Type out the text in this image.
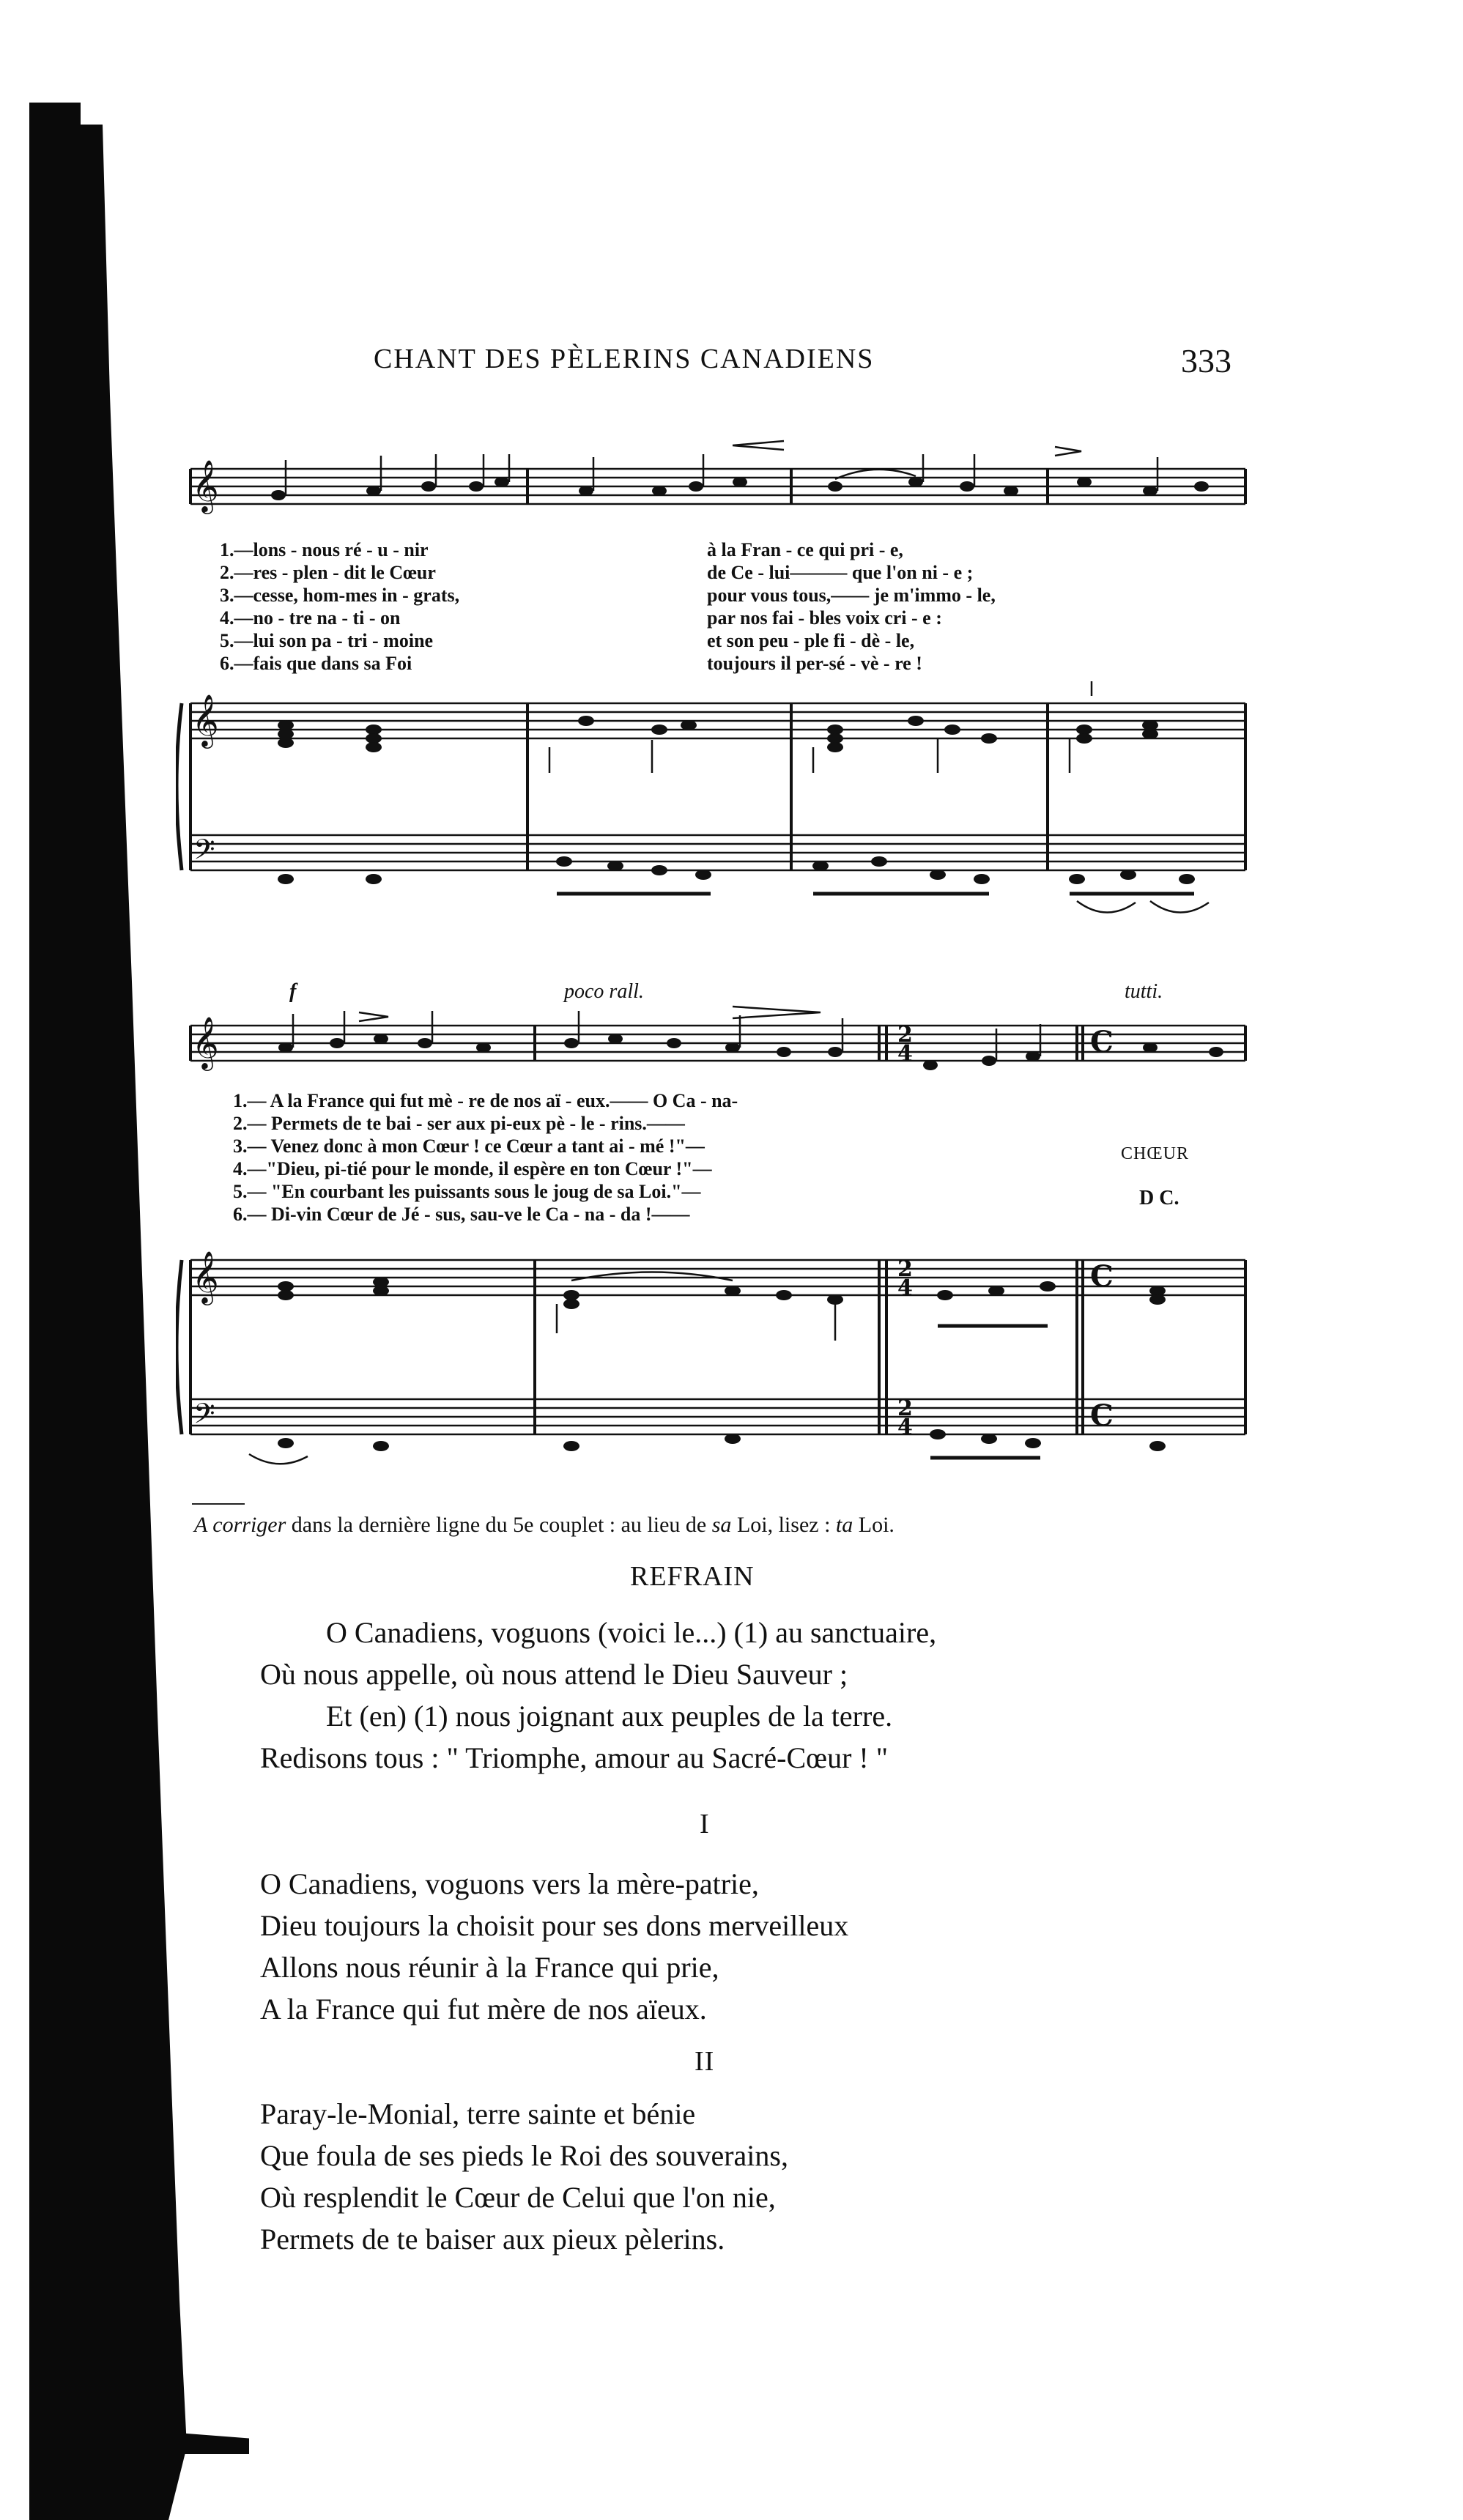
CHANT DES PÈLERINS CANADIENS	333
𝄞
𝄞
𝄢
1.—lons - nous ré - u - nir
2.—res - plen - dit le Cœur
3.—cesse, hom-mes in - grats,
4.—no - tre na - ti - on
5.—lui son pa - tri - moine
6.—fais que dans sa Foi
à la Fran - ce qui pri - e,
de Ce - lui——— que l'on ni - e ;
pour vous tous,—— je m'immo - le,
par nos fai - bles voix cri - e :
et son peu - ple fi - dè - le,
toujours il per-sé - vè - re !
𝄞
𝄞
𝄢
2
4
2
4
2
4
C
C
C
f	poco rall.	tutti.
1.— A la France qui fut mè - re de nos aï - eux.—— O Ca - na-
2.— Permets de te bai - ser aux pi-eux pè - le - rins.——
3.— Venez donc à mon Cœur ! ce Cœur a tant ai - mé !"—
4.—"Dieu, pi-tié pour le monde, il espère en ton Cœur !"—
5.— "En courbant les puissants sous le joug de sa Loi."—
6.— Di-vin Cœur de Jé - sus, sau-ve le Ca - na - da !——
CHŒUR
D C.
A corriger dans la dernière ligne du 5e couplet : au lieu de sa Loi, lisez : ta Loi.
REFRAIN
O Canadiens, voguons (voici le...) (1) au sanctuaire,
Où nous appelle, où nous attend le Dieu Sauveur ;
Et (en) (1) nous joignant aux peuples de la terre.
Redisons tous : " Triomphe, amour au Sacré-Cœur ! "
I
O Canadiens, voguons vers la mère-patrie,
Dieu toujours la choisit pour ses dons merveilleux
Allons nous réunir à la France qui prie,
A la France qui fut mère de nos aïeux.
II
Paray-le-Monial, terre sainte et bénie
Que foula de ses pieds le Roi des souverains,
Où resplendit le Cœur de Celui que l'on nie,
Permets de te baiser aux pieux pèlerins.
